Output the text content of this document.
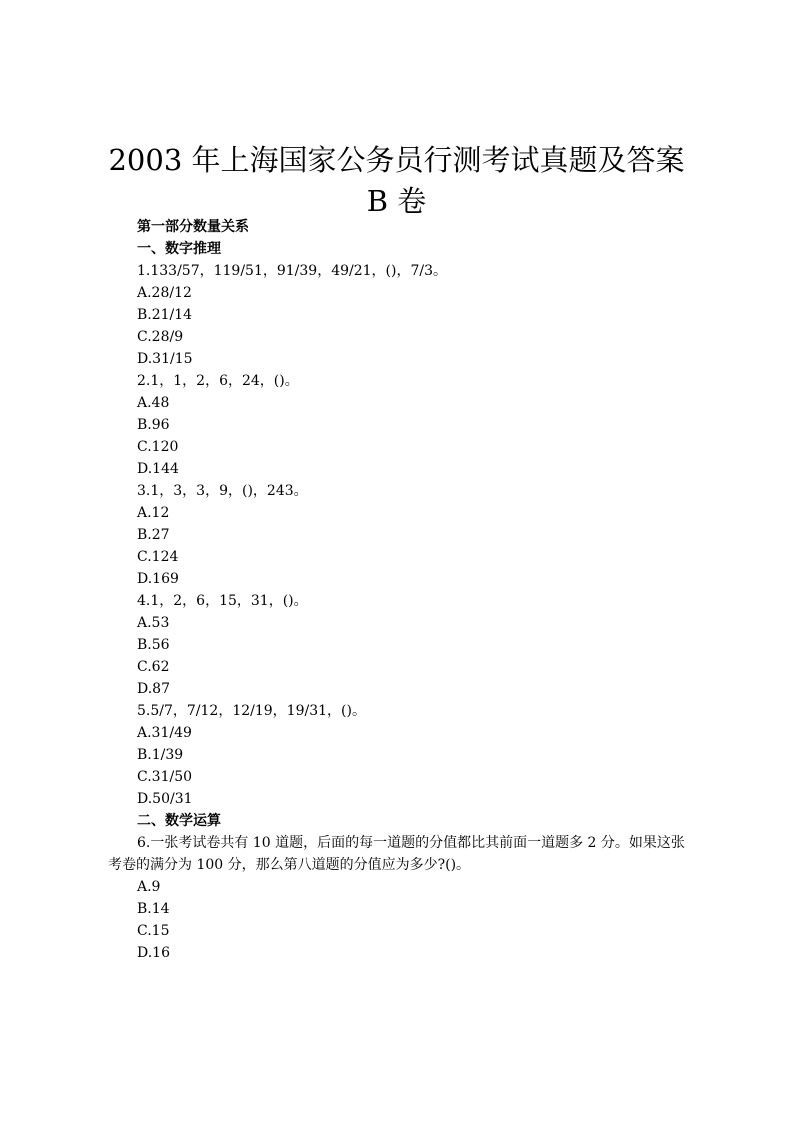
2003 年上海国家公务员行测考试真题及答案
B 卷
第一部分数量关系
一、数字推理
1.133/57，119/51，91/39，49/21，()，7/3。
A.28/12
B.21/14
C.28/9
D.31/15
2.1，1，2，6，24，()。
A.48
B.96
C.120
D.144
3.1，3，3，9，()，243。
A.12
B.27
C.124
D.169
4.1，2，6，15，31，()。
A.53
B.56
C.62
D.87
5.5/7，7/12，12/19，19/31，()。
A.31/49
B.1/39
C.31/50
D.50/31
二、数学运算
6.一张考试卷共有 10 道题，后面的每一道题的分值都比其前面一道题多 2 分。如果这张考卷的满分为 100 分，那么第八道题的分值应为多少?()。
A.9
B.14
C.15
D.16
